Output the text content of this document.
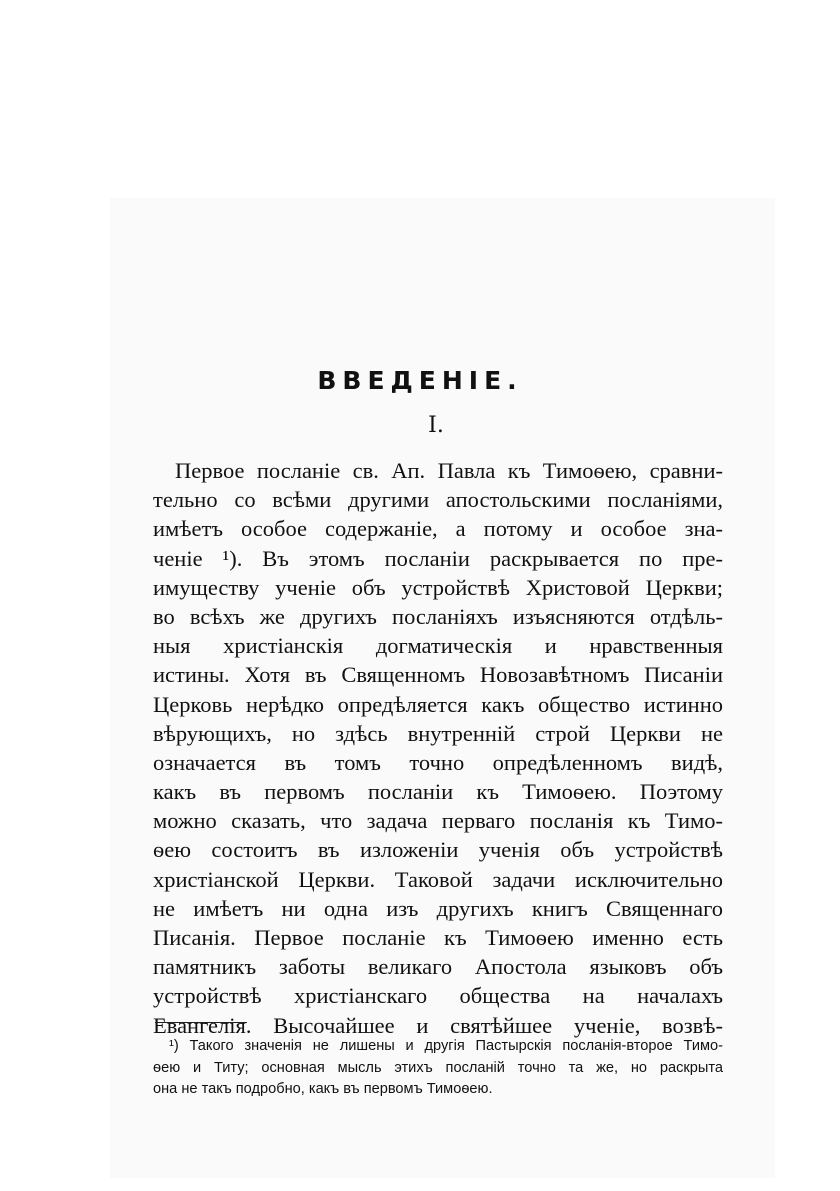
ВВЕДЕНІЕ.
I.
Первое посланіе св. Ап. Павла къ Тимоѳею, сравни-
тельно со всѣми другими апостольскими посланіями,
имѣетъ особое содержаніе, а потому и особое зна-
ченіе ¹). Въ этомъ посланіи раскрывается по пре-
имуществу ученіе объ устройствѣ Христовой Церкви;
во всѣхъ же другихъ посланіяхъ изъясняются отдѣль-
ныя христіанскія догматическія и нравственныя
истины. Хотя въ Священномъ Новозавѣтномъ Писаніи
Церковь нерѣдко опредѣляется какъ общество истинно
вѣрующихъ, но здѣсь внутренній строй Церкви не
означается въ томъ точно опредѣленномъ видѣ,
какъ въ первомъ посланіи къ Тимоѳею. Поэтому
можно сказать, что задача перваго посланія къ Тимо-
ѳею состоитъ въ изложеніи ученія объ устройствѣ
христіанской Церкви. Таковой задачи исключительно
не имѣетъ ни одна изъ другихъ книгъ Священнаго
Писанія. Первое посланіе къ Тимоѳею именно есть
памятникъ заботы великаго Апостола языковъ объ
устройствѣ христіанскаго общества на началахъ
Евангелія. Высочайшее и святѣйшее ученіе, возвѣ-
¹) Такого значенія не лишены и другія Пастырскія посланія-второе Тимо-
ѳею и Титу; основная мысль этихъ посланій точно та же, но раскрыта
она не такъ подробно, какъ въ первомъ Тимоѳею.
